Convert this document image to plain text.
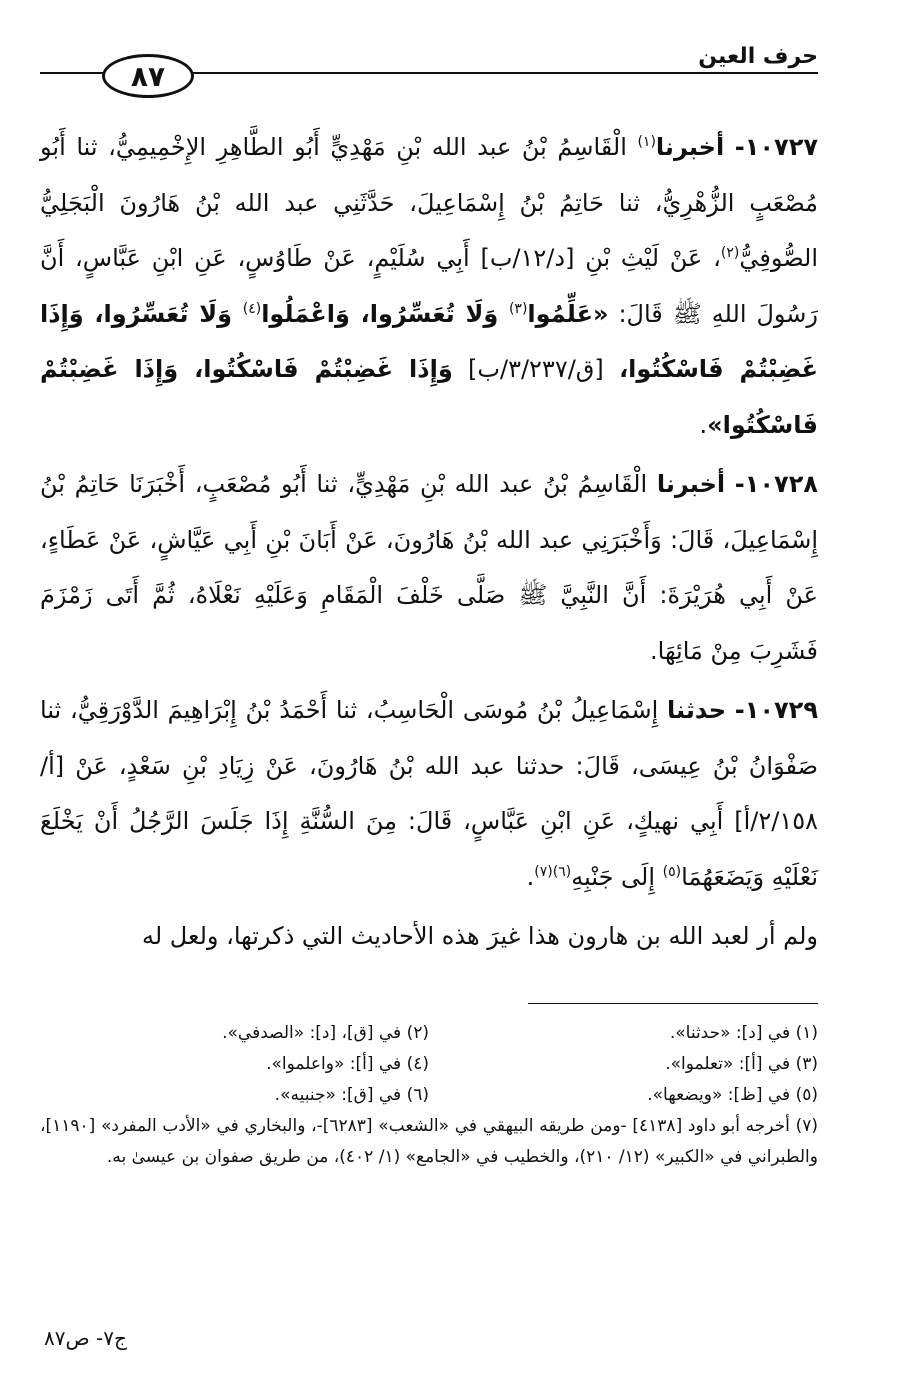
حرف العين
٨٧

١٠٧٢٧- أخبرنا$^{(١)}$ الْقَاسِمُ بْنُ عبد الله بْنِ مَهْدِيٍّ أَبُو الطَّاهِرِ الإِخْمِيمِيُّ، ثنا أَبُو مُصْعَبٍ الزُّهْرِيُّ، ثنا حَاتِمُ بْنُ إِسْمَاعِيلَ، حَدَّثَنِي عبد الله بْنُ هَارُونَ الْبَجَلِيُّ الصُّوفِيُّ$^{(٢)}$، عَنْ لَيْثِ بْنِ [د/١٢/ب] أَبِي سُلَيْمٍ، عَنْ طَاوُسٍ، عَنِ ابْنِ عَبَّاسٍ، أَنَّ رَسُولَ اللهِ ﷺ قَالَ: «عَلِّمُوا$^{(٣)}$ وَلَا تُعَسِّرُوا، وَاعْمَلُوا$^{(٤)}$ وَلَا تُعَسِّرُوا، وَإِذَا غَضِبْتُمْ فَاسْكُتُوا، [ق/٣/٢٣٧/ب] وَإِذَا غَضِبْتُمْ فَاسْكُتُوا، وَإِذَا غَضِبْتُمْ فَاسْكُتُوا».

١٠٧٢٨- أخبرنا الْقَاسِمُ بْنُ عبد الله بْنِ مَهْدِيٍّ، ثنا أَبُو مُصْعَبٍ، أَخْبَرَنَا حَاتِمُ بْنُ إِسْمَاعِيلَ، قَالَ: وَأَخْبَرَنِي عبد الله بْنُ هَارُونَ، عَنْ أَبَانَ بْنِ أَبِي عَيَّاشٍ، عَنْ عَطَاءٍ، عَنْ أَبِي هُرَيْرَةَ: أَنَّ النَّبِيَّ ﷺ صَلَّى خَلْفَ الْمَقَامِ وَعَلَيْهِ نَعْلَاهُ، ثُمَّ أَتَى زَمْزَمَ فَشَرِبَ مِنْ مَائِهَا.

١٠٧٢٩- حدثنا إِسْمَاعِيلُ بْنُ مُوسَى الْحَاسِبُ، ثنا أَحْمَدُ بْنُ إِبْرَاهِيمَ الدَّوْرَقِيُّ، ثنا صَفْوَانُ بْنُ عِيسَى، قَالَ: حدثنا عبد الله بْنُ هَارُونَ، عَنْ زِيَادِ بْنِ سَعْدٍ، عَنْ [أ/٢/١٥٨/أ] أَبِي نهيكٍ، عَنِ ابْنِ عَبَّاسٍ، قَالَ: مِنَ السُّنَّةِ إِذَا جَلَسَ الرَّجُلُ أَنْ يَخْلَعَ نَعْلَيْهِ وَيَضَعَهُمَا$^{(٥)}$ إِلَى جَنْبِهِ$^{(٦)(٧)}$.

ولم أر لعبد الله بن هارون هذا غيرَ هذه الأحاديث التي ذكرتها، ولعل له

(١) في [د]: «حدثنا».
(٢) في [ق]، [د]: «الصدفي».
(٣) في [أ]: «تعلموا».
(٤) في [أ]: «واعلموا».
(٥) في [ظ]: «ويضعها».
(٦) في [ق]: «جنبيه».
(٧) أخرجه أبو داود [٤١٣٨] -ومن طريقه البيهقي في «الشعب» [٦٢٨٣]-، والبخاري في «الأدب المفرد» [١١٩٠]، والطبراني في «الكبير» (١٢/ ٢١٠)، والخطيب في «الجامع» (١/ ٤٠٢)، من طريق صفوان بن عيسىٰ به.
ج٧- ص٨٧
